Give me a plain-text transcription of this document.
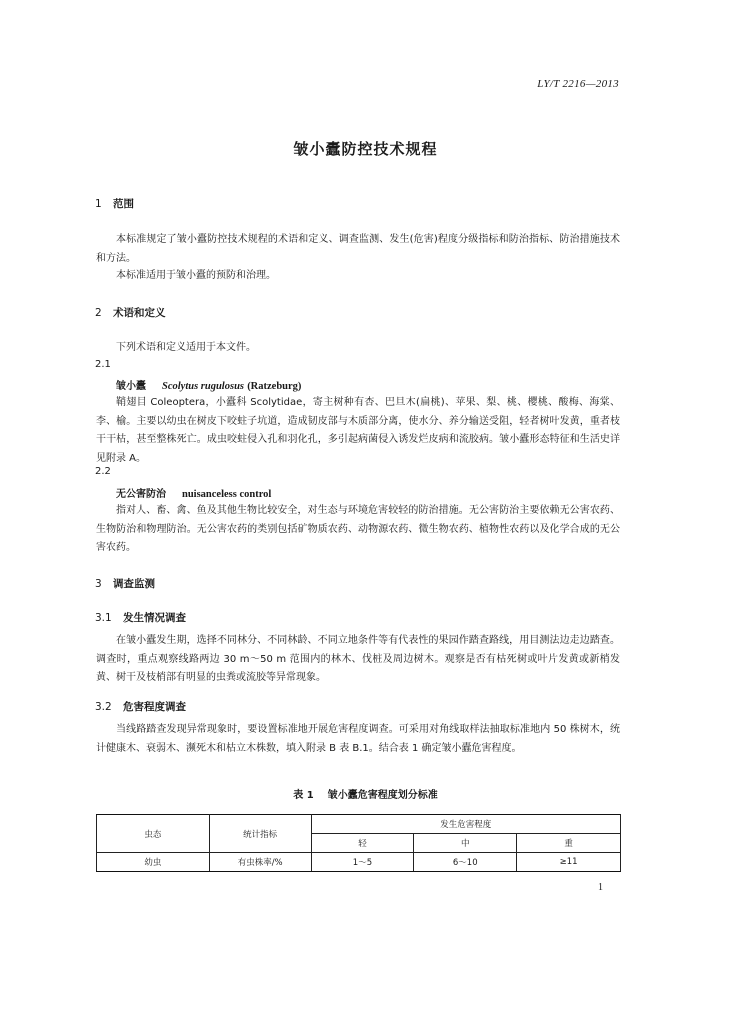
LY/T 2216—2013
皱小蠹防控技术规程
1 范围
本标准规定了皱小蠹防控技术规程的术语和定义、调查监测、发生(危害)程度分级指标和防治指标、防治措施技术和方法。
本标准适用于皱小蠹的预防和治理。
2 术语和定义
下列术语和定义适用于本文件。
2.1
皱小蠹 Scolytus rugulosus (Ratzeburg)
鞘翅目 Coleoptera，小蠹科 Scolytidae，寄主树种有杏、巴旦木(扁桃)、苹果、梨、桃、樱桃、酸梅、海棠、李、榆。主要以幼虫在树皮下咬蛀子坑道，造成韧皮部与木质部分离，使水分、养分输送受阻，轻者树叶发黄，重者枝干干枯，甚至整株死亡。成虫咬蛀侵入孔和羽化孔，多引起病菌侵入诱发烂皮病和流胶病。皱小蠹形态特征和生活史详见附录 A。
2.2
无公害防治 nuisanceless control
指对人、畜、禽、鱼及其他生物比较安全，对生态与环境危害较轻的防治措施。无公害防治主要依赖无公害农药、生物防治和物理防治。无公害农药的类别包括矿物质农药、动物源农药、微生物农药、植物性农药以及化学合成的无公害农药。
3 调查监测
3.1 发生情况调查
在皱小蠹发生期，选择不同林分、不同林龄、不同立地条件等有代表性的果园作踏查路线，用目测法边走边踏查。调查时，重点观察线路两边 30 m～50 m 范围内的林木、伐桩及周边树木。观察是否有枯死树或叶片发黄或新梢发黄、树干及枝梢部有明显的虫粪或流胶等异常现象。
3.2 危害程度调查
当线路踏查发现异常现象时，要设置标准地开展危害程度调查。可采用对角线取样法抽取标准地内 50 株树木，统计健康木、衰弱木、濒死木和枯立木株数，填入附录 B 表 B.1。结合表 1 确定皱小蠹危害程度。
表 1 皱小蠹危害程度划分标准
虫态	统计指标	发生危害程度		
		轻	中	重
幼虫	有虫株率/%	1～5	6～10	≥11
1
